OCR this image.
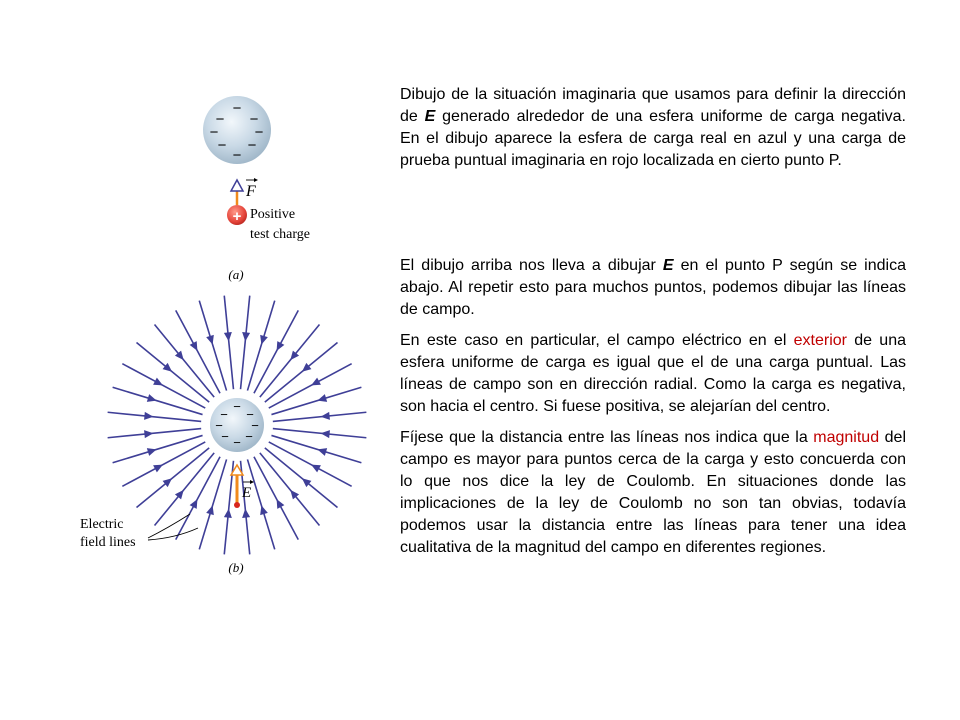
−
− −
− −
− −
−
F
+ Positive
test charge
(a)
−
− −
− −
− −
−
E
Electric
field lines
(b)

Dibujo de la situación imaginaria que usamos para definir la dirección de E generado alrededor de una esfera uniforme de carga negativa. En el dibujo aparece la esfera de carga real en azul y una carga de prueba puntual imaginaria en rojo localizada en cierto punto P.

El dibujo arriba nos lleva a dibujar E en el punto P según se indica abajo. Al repetir esto para muchos puntos, podemos dibujar las líneas de campo.

En este caso en particular, el campo eléctrico en el exterior de una esfera uniforme de carga es igual que el de una carga puntual. Las líneas de campo son en dirección radial. Como la carga es negativa, son hacia el centro. Si fuese positiva, se alejarían del centro.

Fíjese que la distancia entre las líneas nos indica que la magnitud del campo es mayor para puntos cerca de la carga y esto concuerda con lo que nos dice la ley de Coulomb. En situaciones donde las implicaciones de la ley de Coulomb no son tan obvias, todavía podemos usar la distancia entre las líneas para tener una idea cualitativa de la magnitud del campo en diferentes regiones.
